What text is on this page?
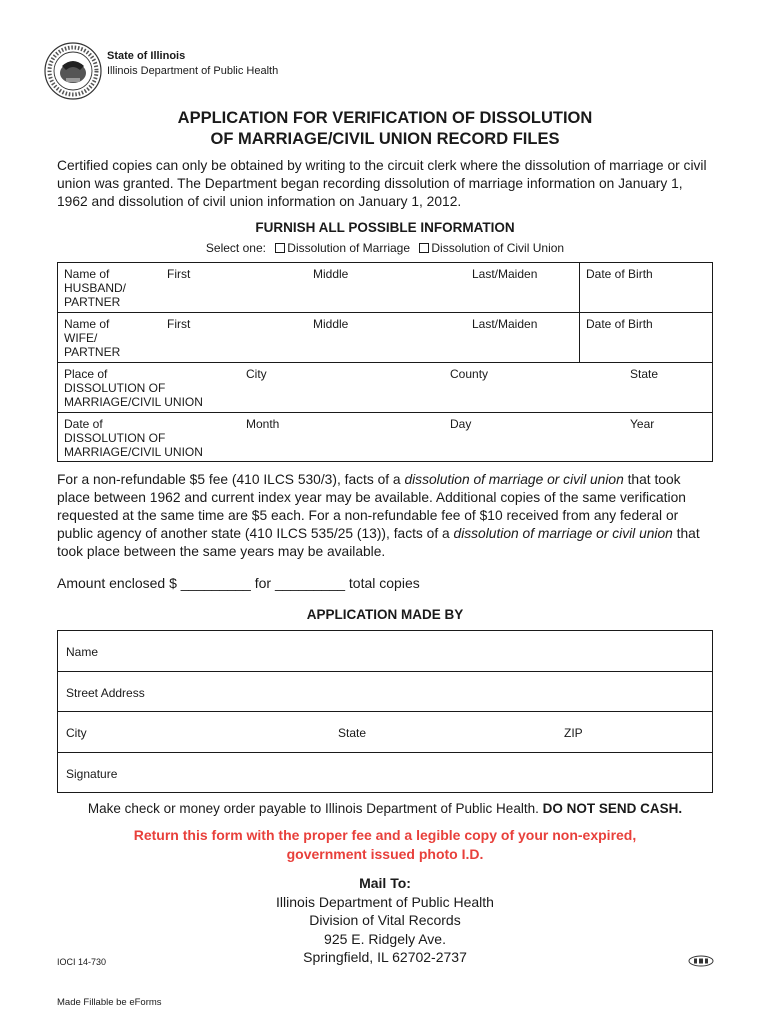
State of Illinois
Illinois Department of Public Health
APPLICATION FOR VERIFICATION OF DISSOLUTION
OF MARRIAGE/CIVIL UNION RECORD FILES
Certified copies can only be obtained by writing to the circuit clerk where the dissolution of marriage or civil union was granted. The Department began recording dissolution of marriage information on January 1, 1962 and dissolution of civil union information on January 1, 2012.
FURNISH ALL POSSIBLE INFORMATION
Select one: Dissolution of Marriage Dissolution of Civil Union
Name of
HUSBAND/
PARTNER
First	Middle	Last/Maiden	Date of Birth
Name of
WIFE/
PARTNER
First	Middle	Last/Maiden	Date of Birth
Place of
DISSOLUTION OF
MARRIAGE/CIVIL UNION
City	County	State
Date of
DISSOLUTION OF
MARRIAGE/CIVIL UNION
Month	Day	Year
For a non-refundable $5 fee (410 ILCS 530/3), facts of a dissolution of marriage or civil union that took place between 1962 and current index year may be available. Additional copies of the same verification requested at the same time are $5 each. For a non-refundable fee of $10 received from any federal or public agency of another state (410 ILCS 535/25 (13)), facts of a dissolution of marriage or civil union that took place between the same years may be available.
Amount enclosed $ _________ for _________ total copies
APPLICATION MADE BY
Name
Street Address
City	State	ZIP
Signature
Make check or money order payable to Illinois Department of Public Health. DO NOT SEND CASH.
Return this form with the proper fee and a legible copy of your non-expired,
government issued photo I.D.
Mail To:
Illinois Department of Public Health
Division of Vital Records
925 E. Ridgely Ave.
Springfield, IL 62702-2737
IOCI 14-730
Made Fillable be eForms
